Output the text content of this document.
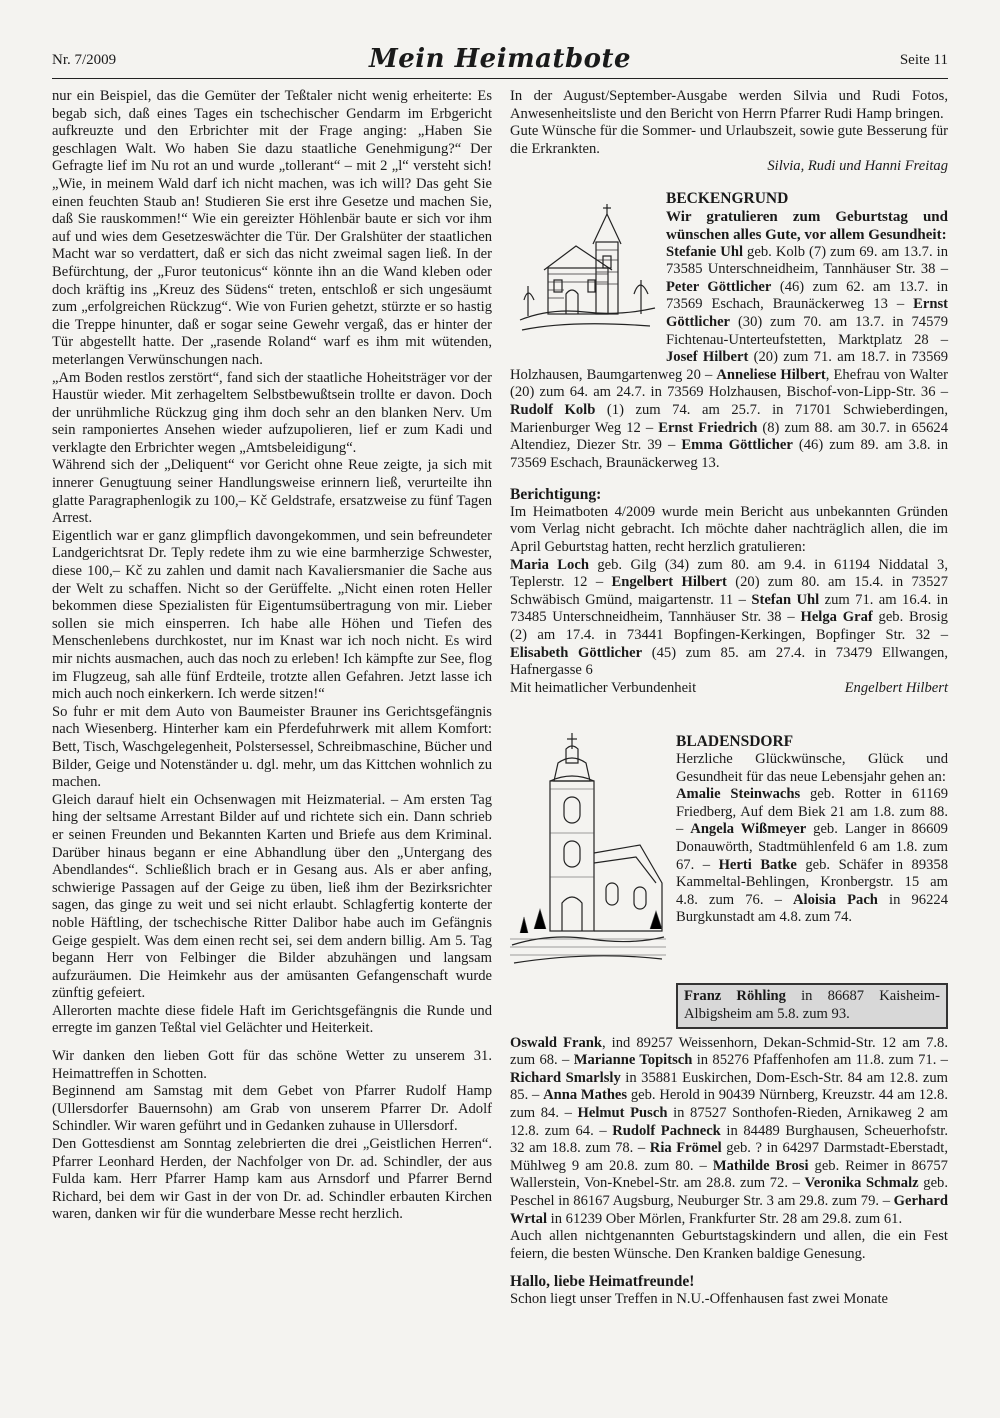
Nr. 7/2009	Mein Heimatbote	Seite 11

nur ein Beispiel, das die Gemüter der Teßtaler nicht wenig erheiterte: Es begab sich, daß eines Tages ein tschechischer Gendarm im Erbgericht aufkreuzte und den Erbrichter mit der Frage anging: „Haben Sie geschlagen Walt. Wo haben Sie dazu staatliche Genehmigung?“ Der Gefragte lief im Nu rot an und wurde „tollerant“ – mit 2 „l“ versteht sich! „Wie, in meinem Wald darf ich nicht machen, was ich will? Das geht Sie einen feuchten Staub an! Studieren Sie erst ihre Gesetze und machen Sie, daß Sie rauskommen!“ Wie ein gereizter Höhlenbär baute er sich vor ihm auf und wies dem Gesetzeswächter die Tür. Der Gralshüter der staatlichen Macht war so verdattert, daß er sich das nicht zweimal sagen ließ. In der Befürchtung, der „Furor teutonicus“ könnte ihn an die Wand kleben oder doch kräftig ins „Kreuz des Südens“ treten, entschloß er sich ungesäumt zum „erfolgreichen Rückzug“. Wie von Furien gehetzt, stürzte er so hastig die Treppe hinunter, daß er sogar seine Gewehr vergaß, das er hinter der Tür abgestellt hatte. Der „rasende Roland“ warf es ihm mit wütenden, meterlangen Verwünschungen nach.

„Am Boden restlos zerstört“, fand sich der staatliche Hoheitsträger vor der Haustür wieder. Mit zerhageltem Selbstbewußtsein trollte er davon. Doch der unrühmliche Rückzug ging ihm doch sehr an den blanken Nerv. Um sein ramponiertes Ansehen wieder aufzupolieren, lief er zum Kadi und verklagte den Erbrichter wegen „Amtsbeleidigung“.

Während sich der „Deliquent“ vor Gericht ohne Reue zeigte, ja sich mit innerer Genugtuung seiner Handlungsweise erinnern ließ, verurteilte ihn glatte Paragraphenlogik zu 100,– Kč Geldstrafe, ersatzweise zu fünf Tagen Arrest.

Eigentlich war er ganz glimpflich davongekommen, und sein befreundeter Landgerichtsrat Dr. Teply redete ihm zu wie eine barmherzige Schwester, diese 100,– Kč zu zahlen und damit nach Kavaliersmanier die Sache aus der Welt zu schaffen. Nicht so der Gerüffelte. „Nicht einen roten Heller bekommen diese Spezialisten für Eigentumsübertragung von mir. Lieber sollen sie mich einsperren. Ich habe alle Höhen und Tiefen des Menschenlebens durchkostet, nur im Knast war ich noch nicht. Es wird mir nichts ausmachen, auch das noch zu erleben! Ich kämpfte zur See, flog im Flugzeug, sah alle fünf Erdteile, trotzte allen Gefahren. Jetzt lasse ich mich auch noch einkerkern. Ich werde sitzen!“

So fuhr er mit dem Auto von Baumeister Brauner ins Gerichtsgefängnis nach Wiesenberg. Hinterher kam ein Pferdefuhrwerk mit allem Komfort: Bett, Tisch, Waschgelegenheit, Polstersessel, Schreibmaschine, Bücher und Bilder, Geige und Notenständer u. dgl. mehr, um das Kittchen wohnlich zu machen.

Gleich darauf hielt ein Ochsenwagen mit Heizmaterial. – Am ersten Tag hing der seltsame Arrestant Bilder auf und richtete sich ein. Dann schrieb er seinen Freunden und Bekannten Karten und Briefe aus dem Kriminal. Darüber hinaus begann er eine Abhandlung über den „Untergang des Abendlandes“. Schließlich brach er in Gesang aus. Als er aber anfing, schwierige Passagen auf der Geige zu üben, ließ ihm der Bezirksrichter sagen, das ginge zu weit und sei nicht erlaubt. Schlagfertig konterte der noble Häftling, der tschechische Ritter Dalibor habe auch im Gefängnis Geige gespielt. Was dem einen recht sei, sei dem andern billig. Am 5. Tag begann Herr von Felbinger die Bilder abzuhängen und langsam aufzuräumen. Die Heimkehr aus der amüsanten Gefangenschaft wurde zünftig gefeiert.

Allerorten machte diese fidele Haft im Gerichtsgefängnis die Runde und erregte im ganzen Teßtal viel Gelächter und Heiterkeit.

Wir danken den lieben Gott für das schöne Wetter zu unserem 31. Heimattreffen in Schotten.

Beginnend am Samstag mit dem Gebet von Pfarrer Rudolf Hamp (Ullersdorfer Bauernsohn) am Grab von unserem Pfarrer Dr. Adolf Schindler. Wir waren geführt und in Gedanken zuhause in Ullersdorf.

Den Gottesdienst am Sonntag zelebrierten die drei „Geistlichen Herren“. Pfarrer Leonhard Herden, der Nachfolger von Dr. ad. Schindler, der aus Fulda kam. Herr Pfarrer Hamp kam aus Arnsdorf und Pfarrer Bernd Richard, bei dem wir Gast in der von Dr. ad. Schindler erbauten Kirchen waren, danken wir für die wunderbare Messe recht herzlich.

In der August/September-Ausgabe werden Silvia und Rudi Fotos, Anwesenheitsliste und den Bericht von Herrn Pfarrer Rudi Hamp bringen.

Gute Wünsche für die Sommer- und Urlaubszeit, sowie gute Besserung für die Erkrankten.

Silvia, Rudi und Hanni Freitag

BECKENGRUND

Wir gratulieren zum Geburtstag und wünschen alles Gute, vor allem Gesundheit:

Stefanie Uhl geb. Kolb (7) zum 69. am 13.7. in 73585 Unterschneidheim, Tannhäuser Str. 38 – Peter Göttlicher (46) zum 62. am 13.7. in 73569 Eschach, Braunäckerweg 13 – Ernst Göttlicher (30) zum 70. am 13.7. in 74579 Fichtenau-Unterteufstetten, Marktplatz 28 – Josef Hilbert (20) zum 71. am 18.7. in 73569 Holzhausen, Baumgartenweg 20 – Anneliese Hilbert, Ehefrau von Walter (20) zum 64. am 24.7. in 73569 Holzhausen, Bischof-von-Lipp-Str. 36 – Rudolf Kolb (1) zum 74. am 25.7. in 71701 Schwieberdingen, Marienburger Weg 12 – Ernst Friedrich (8) zum 88. am 30.7. in 65624 Altendiez, Diezer Str. 39 – Emma Göttlicher (46) zum 89. am 3.8. in 73569 Eschach, Braunäckerweg 13.

Berichtigung:

Im Heimatboten 4/2009 wurde mein Bericht aus unbekannten Gründen vom Verlag nicht gebracht. Ich möchte daher nachträglich allen, die im April Geburtstag hatten, recht herzlich gratulieren:

Maria Loch geb. Gilg (34) zum 80. am 9.4. in 61194 Niddatal 3, Teplerstr. 12 – Engelbert Hilbert (20) zum 80. am 15.4. in 73527 Schwäbisch Gmünd, maigartenstr. 11 – Stefan Uhl zum 71. am 16.4. in 73485 Unterschneidheim, Tannhäuser Str. 38 – Helga Graf geb. Brosig (2) am 17.4. in 73441 Bopfingen-Kerkingen, Bopfinger Str. 32 – Elisabeth Göttlicher (45) zum 85. am 27.4. in 73479 Ellwangen, Hafnergasse 6

Mit heimatlicher Verbundenheit	Engelbert Hilbert

BLADENSDORF

Herzliche Glückwünsche, Glück und Gesundheit für das neue Lebensjahr gehen an:

Amalie Steinwachs geb. Rotter in 61169 Friedberg, Auf dem Biek 21 am 1.8. zum 88. – Angela Wißmeyer geb. Langer in 86609 Donauwörth, Stadtmühlenfeld 6 am 1.8. zum 67. – Herti Batke geb. Schäfer in 89358 Kammeltal-Behlingen, Kronbergstr. 15 am 4.8. zum 76. – Aloisia Pach in 96224 Burgkunstadt am 4.8. zum 74.

Franz Röhling in 86687 Kaisheim-Albigsheim am 5.8. zum 93.

Oswald Frank, ind 89257 Weissenhorn, Dekan-Schmid-Str. 12 am 7.8. zum 68. – Marianne Topitsch in 85276 Pfaffenhofen am 11.8. zum 71. – Richard Smarlsly in 35881 Euskirchen, Dom-Esch-Str. 84 am 12.8. zum 85. – Anna Mathes geb. Herold in 90439 Nürnberg, Kreuzstr. 44 am 12.8. zum 84. – Helmut Pusch in 87527 Sonthofen-Rieden, Arnikaweg 2 am 12.8. zum 64. – Rudolf Pachneck in 84489 Burghausen, Scheuerhofstr. 32 am 18.8. zum 78. – Ria Frömel geb. ? in 64297 Darmstadt-Eberstadt, Mühlweg 9 am 20.8. zum 80. – Mathilde Brosi geb. Reimer in 86757 Wallerstein, Von-Knebel-Str. am 28.8. zum 72. – Veronika Schmalz geb. Peschel in 86167 Augsburg, Neuburger Str. 3 am 29.8. zum 79. – Gerhard Wrtal in 61239 Ober Mörlen, Frankfurter Str. 28 am 29.8. zum 61.

Auch allen nichtgenannten Geburtstagskindern und allen, die ein Fest feiern, die besten Wünsche. Den Kranken baldige Genesung.

Hallo, liebe Heimatfreunde!

Schon liegt unser Treffen in N.U.-Offenhausen fast zwei Monate
